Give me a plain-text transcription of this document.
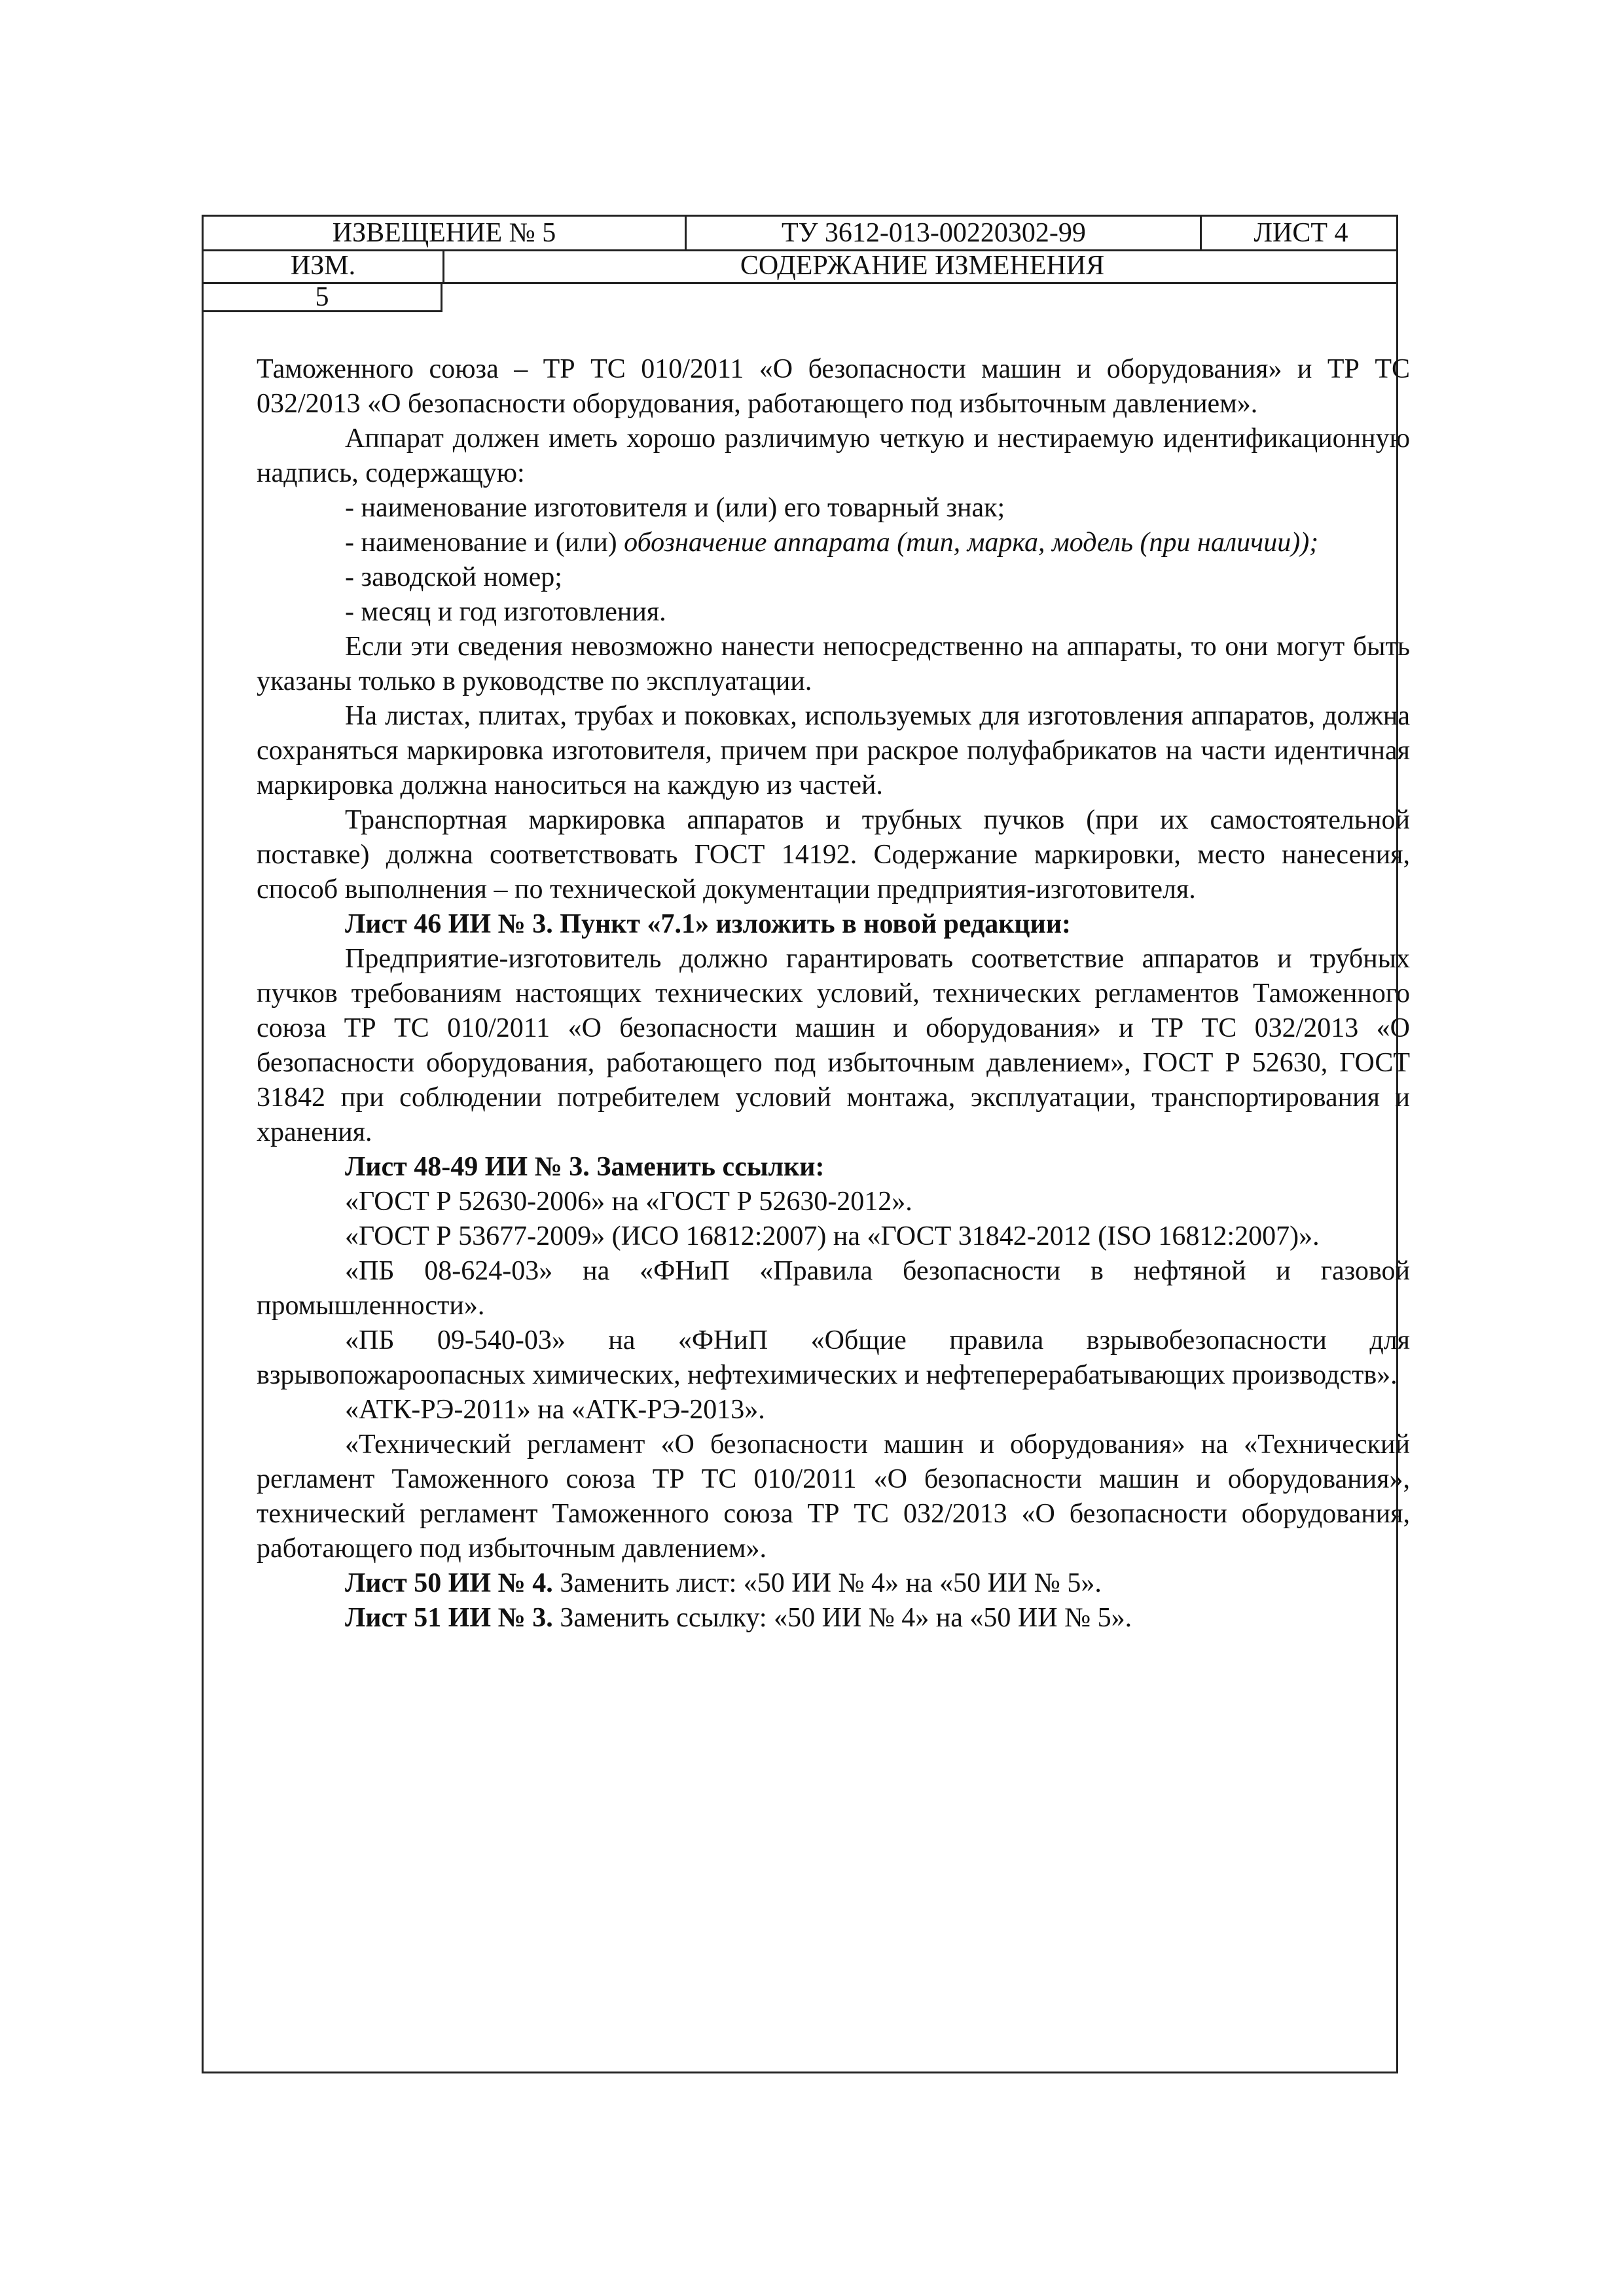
ИЗВЕЩЕНИЕ № 5	ТУ 3612-013-00220302-99	ЛИСТ 4
ИЗМ.	СОДЕРЖАНИЕ ИЗМЕНЕНИЯ
5

Таможенного союза – ТР ТС 010/2011 «О безопасности машин и оборудования» и ТР ТС 032/2013 «О безопасности оборудования, работающего под избыточным давлением».

Аппарат должен иметь хорошо различимую четкую и нестираемую идентификационную надпись, содержащую:

- наименование изготовителя и (или) его товарный знак;

- наименование и (или) обозначение аппарата (тип, марка, модель (при наличии));

- заводской номер;

- месяц и год изготовления.

Если эти сведения невозможно нанести непосредственно на аппараты, то они могут быть указаны только в руководстве по эксплуатации.

На листах, плитах, трубах и поковках, используемых для изготовления аппаратов, должна сохраняться маркировка изготовителя, причем при раскрое полуфабрикатов на части идентичная маркировка должна наноситься на каждую из частей.

Транспортная маркировка аппаратов и трубных пучков (при их самостоятельной поставке) должна соответствовать ГОСТ 14192. Содержание маркировки, место нанесения, способ выполнения – по технической документации предприятия-изготовителя.

Лист 46 ИИ № 3. Пункт «7.1» изложить в новой редакции:

Предприятие-изготовитель должно гарантировать соответствие аппаратов и трубных пучков требованиям настоящих технических условий, технических регламентов Таможенного союза ТР ТС 010/2011 «О безопасности машин и оборудования» и ТР ТС 032/2013 «О безопасности оборудования, работающего под избыточным давлением», ГОСТ Р 52630, ГОСТ 31842 при соблюдении потребителем условий монтажа, эксплуатации, транспортирования и хранения.

Лист 48-49 ИИ № 3. Заменить ссылки:

«ГОСТ Р 52630-2006» на «ГОСТ Р 52630-2012».

«ГОСТ Р 53677-2009» (ИСО 16812:2007) на «ГОСТ 31842-2012 (ISO 16812:2007)».

«ПБ 08-624-03» на «ФНиП «Правила безопасности в нефтяной и газовой промышленности».

«ПБ 09-540-03» на «ФНиП «Общие правила взрывобезопасности для взрывопожароопасных химических, нефтехимических и нефтеперерабатывающих производств».

«АТК-РЭ-2011» на «АТК-РЭ-2013».

«Технический регламент «О безопасности машин и оборудования» на «Технический регламент Таможенного союза ТР ТС 010/2011 «О безопасности машин и оборудования», технический регламент Таможенного союза ТР ТС 032/2013 «О безопасности оборудования, работающего под избыточным давлением».

Лист 50 ИИ № 4. Заменить лист: «50 ИИ № 4» на «50 ИИ № 5».

Лист 51 ИИ № 3. Заменить ссылку: «50 ИИ № 4» на «50 ИИ № 5».
